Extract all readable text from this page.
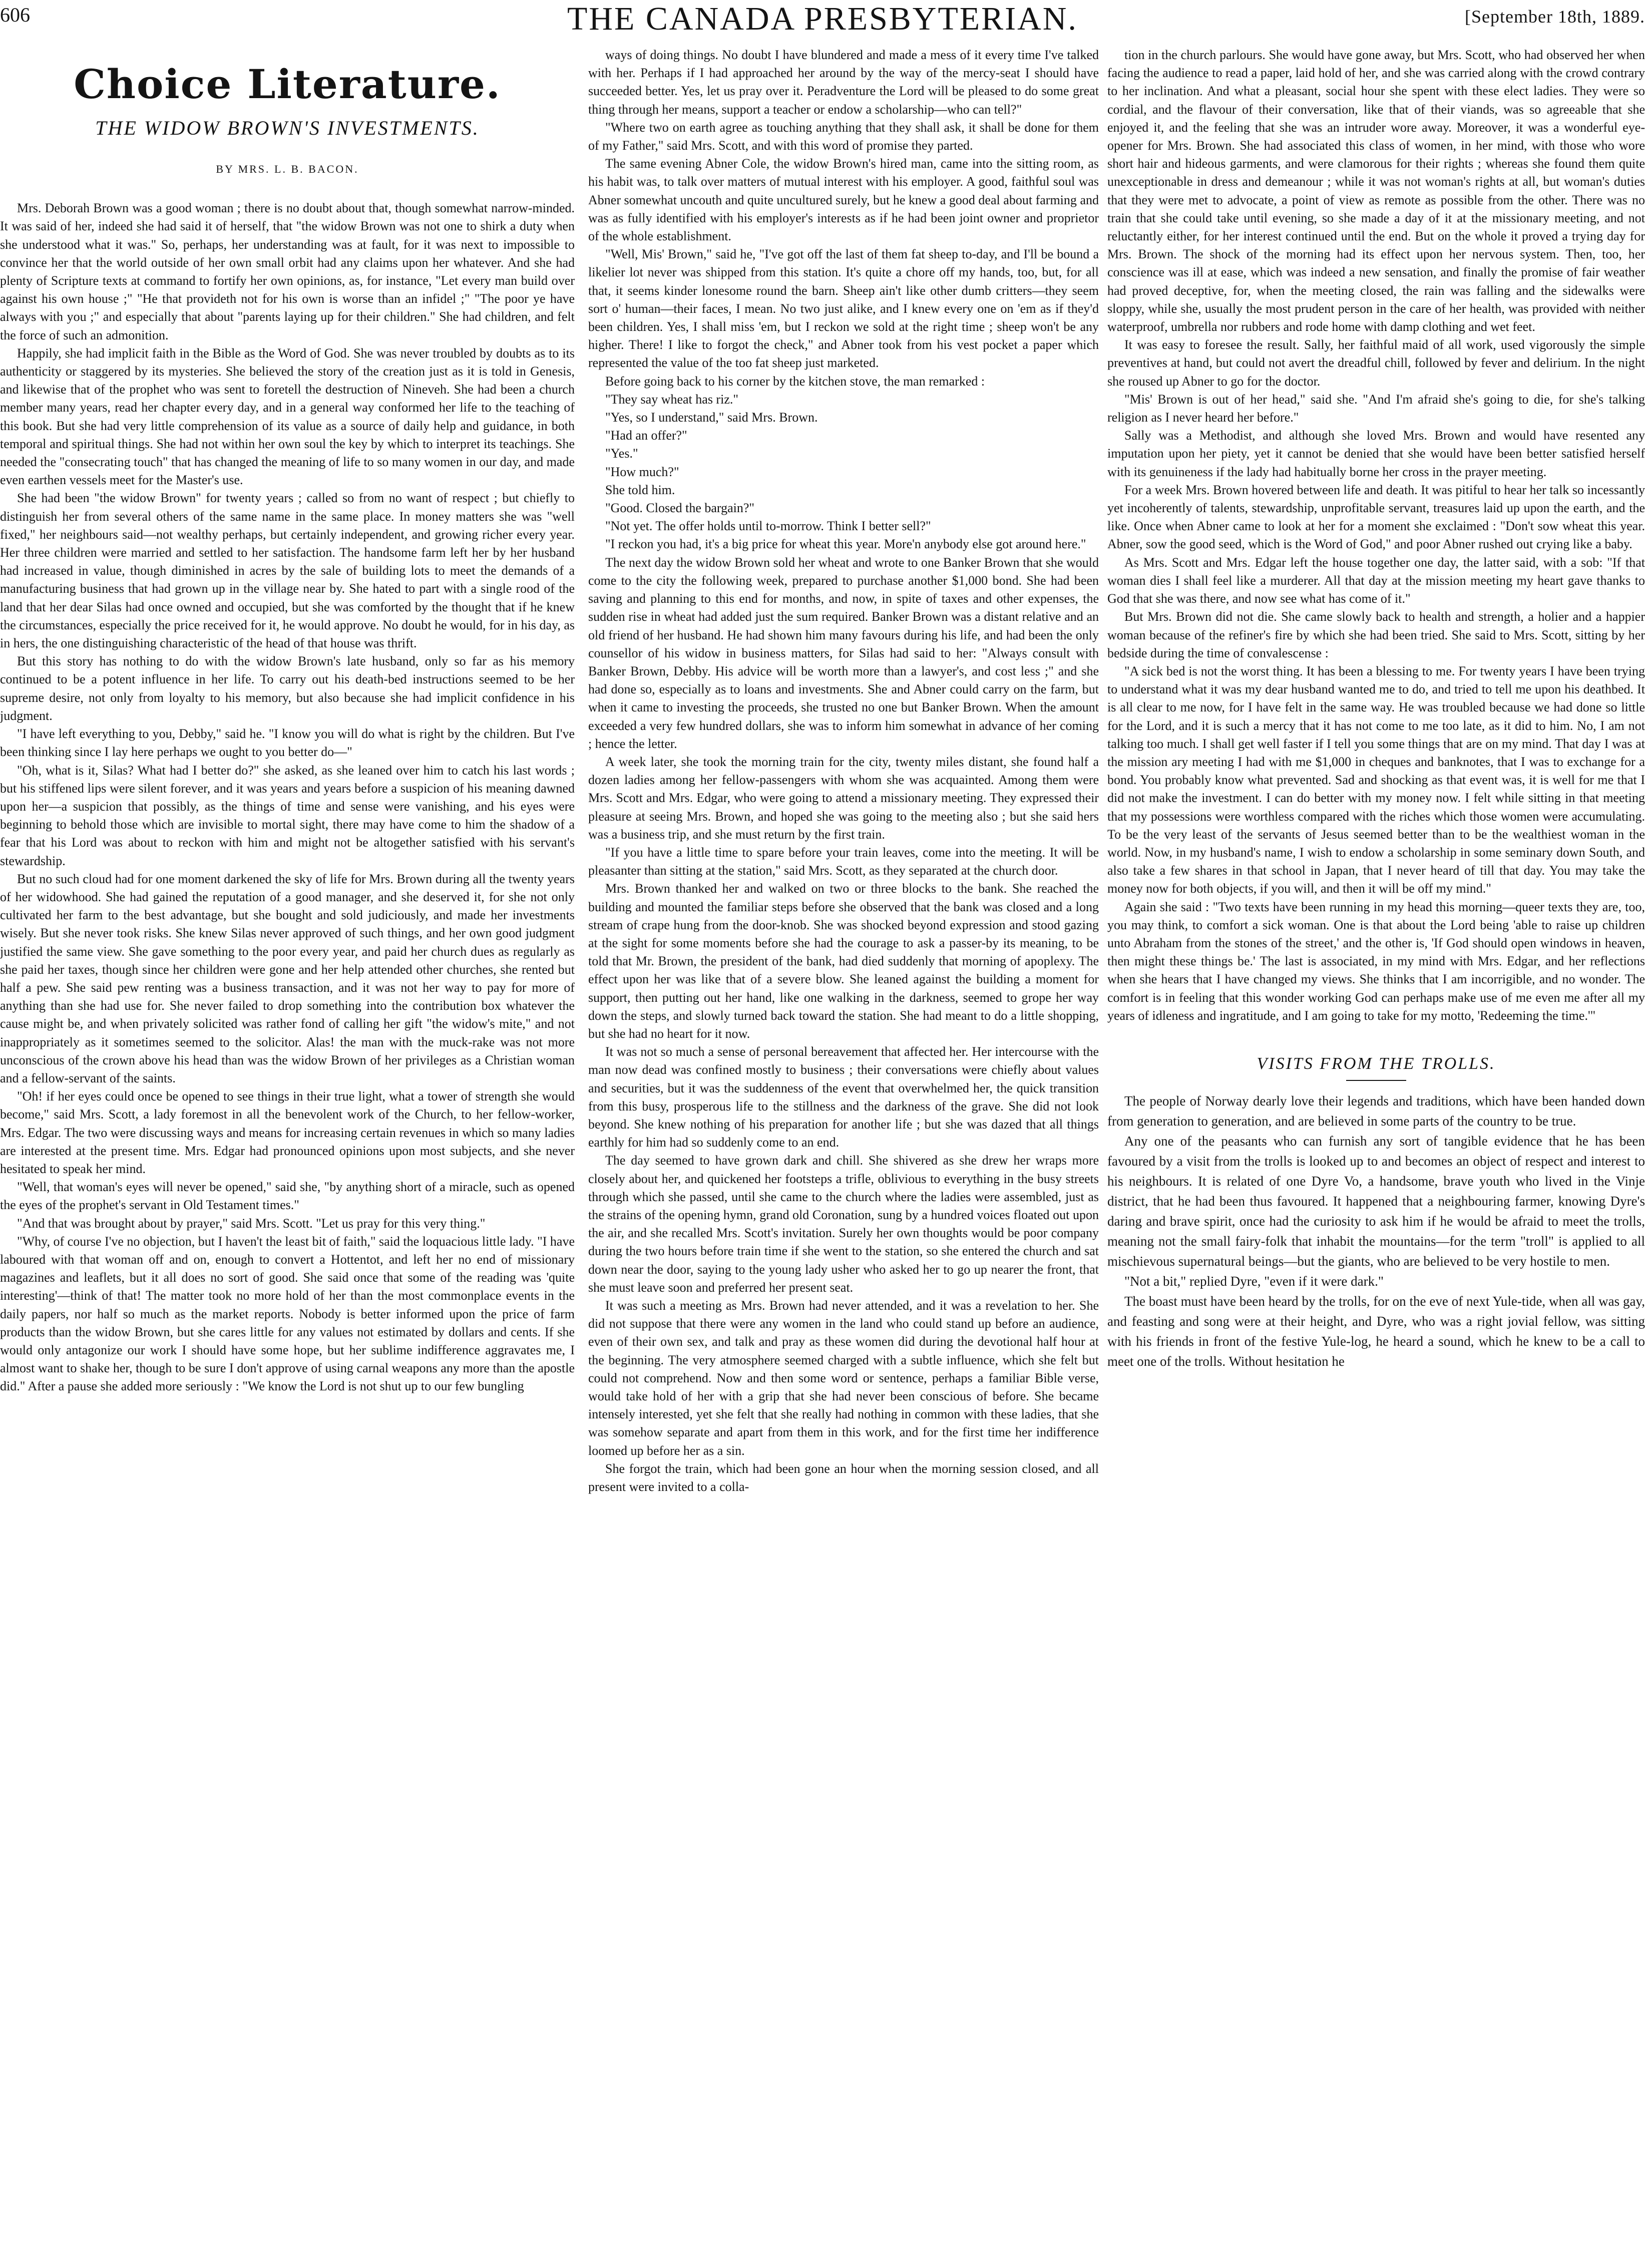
606	THE CANADA PRESBYTERIAN.	[September 18th, 1889.
Choice Literature.
THE WIDOW BROWN'S INVESTMENTS.
BY MRS. L. B. BACON.

Mrs. Deborah Brown was a good woman ; there is no doubt about that, though somewhat narrow-minded. It was said of her, indeed she had said it of herself, that "the widow Brown was not one to shirk a duty when she understood what it was." So, perhaps, her understanding was at fault, for it was next to impossible to convince her that the world outside of her own small orbit had any claims upon her whatever. And she had plenty of Scripture texts at command to fortify her own opinions, as, for instance, "Let every man build over against his own house ;" "He that provideth not for his own is worse than an infidel ;" "The poor ye have always with you ;" and especially that about "parents laying up for their children." She had children, and felt the force of such an admonition.

Happily, she had implicit faith in the Bible as the Word of God. She was never troubled by doubts as to its authenticity or staggered by its mysteries. She believed the story of the creation just as it is told in Genesis, and likewise that of the prophet who was sent to foretell the destruction of Nineveh. She had been a church member many years, read her chapter every day, and in a general way conformed her life to the teaching of this book. But she had very little comprehension of its value as a source of daily help and guidance, in both temporal and spiritual things. She had not within her own soul the key by which to interpret its teachings. She needed the "consecrating touch" that has changed the meaning of life to so many women in our day, and made even earthen vessels meet for the Master's use.

She had been "the widow Brown" for twenty years ; called so from no want of respect ; but chiefly to distinguish her from several others of the same name in the same place. In money matters she was "well fixed," her neighbours said—not wealthy perhaps, but certainly independent, and growing richer every year. Her three children were married and settled to her satisfaction. The handsome farm left her by her husband had increased in value, though diminished in acres by the sale of building lots to meet the demands of a manufacturing business that had grown up in the village near by. She hated to part with a single rood of the land that her dear Silas had once owned and occupied, but she was comforted by the thought that if he knew the circumstances, especially the price received for it, he would approve. No doubt he would, for in his day, as in hers, the one distinguishing characteristic of the head of that house was thrift.

But this story has nothing to do with the widow Brown's late husband, only so far as his memory continued to be a potent influence in her life. To carry out his death-bed instructions seemed to be her supreme desire, not only from loyalty to his memory, but also because she had implicit confidence in his judgment.

"I have left everything to you, Debby," said he. "I know you will do what is right by the children. But I've been thinking since I lay here perhaps we ought to you better do—"

"Oh, what is it, Silas? What had I better do?" she asked, as she leaned over him to catch his last words ; but his stiffened lips were silent forever, and it was years and years before a suspicion of his meaning dawned upon her—a suspicion that possibly, as the things of time and sense were vanishing, and his eyes were beginning to behold those which are invisible to mortal sight, there may have come to him the shadow of a fear that his Lord was about to reckon with him and might not be altogether satisfied with his servant's stewardship.

But no such cloud had for one moment darkened the sky of life for Mrs. Brown during all the twenty years of her widowhood. She had gained the reputation of a good manager, and she deserved it, for she not only cultivated her farm to the best advantage, but she bought and sold judiciously, and made her investments wisely. But she never took risks. She knew Silas never approved of such things, and her own good judgment justified the same view. She gave something to the poor every year, and paid her church dues as regularly as she paid her taxes, though since her children were gone and her help attended other churches, she rented but half a pew. She said pew renting was a business transaction, and it was not her way to pay for more of anything than she had use for. She never failed to drop something into the contribution box whatever the cause might be, and when privately solicited was rather fond of calling her gift "the widow's mite," and not inappropriately as it sometimes seemed to the solicitor. Alas! the man with the muck-rake was not more unconscious of the crown above his head than was the widow Brown of her privileges as a Christian woman and a fellow-servant of the saints.

"Oh! if her eyes could once be opened to see things in their true light, what a tower of strength she would become," said Mrs. Scott, a lady foremost in all the benevolent work of the Church, to her fellow-worker, Mrs. Edgar. The two were discussing ways and means for increasing certain revenues in which so many ladies are interested at the present time. Mrs. Edgar had pronounced opinions upon most subjects, and she never hesitated to speak her mind.

"Well, that woman's eyes will never be opened," said she, "by anything short of a miracle, such as opened the eyes of the prophet's servant in Old Testament times."

"And that was brought about by prayer," said Mrs. Scott. "Let us pray for this very thing."

"Why, of course I've no objection, but I haven't the least bit of faith," said the loquacious little lady. "I have laboured with that woman off and on, enough to convert a Hottentot, and left her no end of missionary magazines and leaflets, but it all does no sort of good. She said once that some of the reading was 'quite interesting'—think of that! The matter took no more hold of her than the most commonplace events in the daily papers, nor half so much as the market reports. Nobody is better informed upon the price of farm products than the widow Brown, but she cares little for any values not estimated by dollars and cents. If she would only antagonize our work I should have some hope, but her sublime indifference aggravates me, I almost want to shake her, though to be sure I don't approve of using carnal weapons any more than the apostle did." After a pause she added more seriously : "We know the Lord is not shut up to our few bungling

ways of doing things. No doubt I have blundered and made a mess of it every time I've talked with her. Perhaps if I had approached her around by the way of the mercy-seat I should have succeeded better. Yes, let us pray over it. Peradventure the Lord will be pleased to do some great thing through her means, support a teacher or endow a scholarship—who can tell?"

"Where two on earth agree as touching anything that they shall ask, it shall be done for them of my Father," said Mrs. Scott, and with this word of promise they parted.

The same evening Abner Cole, the widow Brown's hired man, came into the sitting room, as his habit was, to talk over matters of mutual interest with his employer. A good, faithful soul was Abner somewhat uncouth and quite uncultured surely, but he knew a good deal about farming and was as fully identified with his employer's interests as if he had been joint owner and proprietor of the whole establishment.

"Well, Mis' Brown," said he, "I've got off the last of them fat sheep to-day, and I'll be bound a likelier lot never was shipped from this station. It's quite a chore off my hands, too, but, for all that, it seems kinder lonesome round the barn. Sheep ain't like other dumb critters—they seem sort o' human—their faces, I mean. No two just alike, and I knew every one on 'em as if they'd been children. Yes, I shall miss 'em, but I reckon we sold at the right time ; sheep won't be any higher. There! I like to forgot the check," and Abner took from his vest pocket a paper which represented the value of the too fat sheep just marketed.

Before going back to his corner by the kitchen stove, the man remarked :

"They say wheat has riz."

"Yes, so I understand," said Mrs. Brown.

"Had an offer?"

"Yes."

"How much?"

She told him.

"Good. Closed the bargain?"

"Not yet. The offer holds until to-morrow. Think I better sell?"

"I reckon you had, it's a big price for wheat this year. More'n anybody else got around here."

The next day the widow Brown sold her wheat and wrote to one Banker Brown that she would come to the city the following week, prepared to purchase another $1,000 bond. She had been saving and planning to this end for months, and now, in spite of taxes and other expenses, the sudden rise in wheat had added just the sum required. Banker Brown was a distant relative and an old friend of her husband. He had shown him many favours during his life, and had been the only counsellor of his widow in business matters, for Silas had said to her: "Always consult with Banker Brown, Debby. His advice will be worth more than a lawyer's, and cost less ;" and she had done so, especially as to loans and investments. She and Abner could carry on the farm, but when it came to investing the proceeds, she trusted no one but Banker Brown. When the amount exceeded a very few hundred dollars, she was to inform him somewhat in advance of her coming ; hence the letter.

A week later, she took the morning train for the city, twenty miles distant, she found half a dozen ladies among her fellow-passengers with whom she was acquainted. Among them were Mrs. Scott and Mrs. Edgar, who were going to attend a missionary meeting. They expressed their pleasure at seeing Mrs. Brown, and hoped she was going to the meeting also ; but she said hers was a business trip, and she must return by the first train.

"If you have a little time to spare before your train leaves, come into the meeting. It will be pleasanter than sitting at the station," said Mrs. Scott, as they separated at the church door.

Mrs. Brown thanked her and walked on two or three blocks to the bank. She reached the building and mounted the familiar steps before she observed that the bank was closed and a long stream of crape hung from the door-knob. She was shocked beyond expression and stood gazing at the sight for some moments before she had the courage to ask a passer-by its meaning, to be told that Mr. Brown, the president of the bank, had died suddenly that morning of apoplexy. The effect upon her was like that of a severe blow. She leaned against the building a moment for support, then putting out her hand, like one walking in the darkness, seemed to grope her way down the steps, and slowly turned back toward the station. She had meant to do a little shopping, but she had no heart for it now.

It was not so much a sense of personal bereavement that affected her. Her intercourse with the man now dead was confined mostly to business ; their conversations were chiefly about values and securities, but it was the suddenness of the event that overwhelmed her, the quick transition from this busy, prosperous life to the stillness and the darkness of the grave. She did not look beyond. She knew nothing of his preparation for another life ; but she was dazed that all things earthly for him had so suddenly come to an end.

The day seemed to have grown dark and chill. She shivered as she drew her wraps more closely about her, and quickened her footsteps a trifle, oblivious to everything in the busy streets through which she passed, until she came to the church where the ladies were assembled, just as the strains of the opening hymn, grand old Coronation, sung by a hundred voices floated out upon the air, and she recalled Mrs. Scott's invitation. Surely her own thoughts would be poor company during the two hours before train time if she went to the station, so she entered the church and sat down near the door, saying to the young lady usher who asked her to go up nearer the front, that she must leave soon and preferred her present seat.

It was such a meeting as Mrs. Brown had never attended, and it was a revelation to her. She did not suppose that there were any women in the land who could stand up before an audience, even of their own sex, and talk and pray as these women did during the devotional half hour at the beginning. The very atmosphere seemed charged with a subtle influence, which she felt but could not comprehend. Now and then some word or sentence, perhaps a familiar Bible verse, would take hold of her with a grip that she had never been conscious of before. She became intensely interested, yet she felt that she really had nothing in common with these ladies, that she was somehow separate and apart from them in this work, and for the first time her indifference loomed up before her as a sin.

She forgot the train, which had been gone an hour when the morning session closed, and all present were invited to a colla-

tion in the church parlours. She would have gone away, but Mrs. Scott, who had observed her when facing the audience to read a paper, laid hold of her, and she was carried along with the crowd contrary to her inclination. And what a pleasant, social hour she spent with these elect ladies. They were so cordial, and the flavour of their conversation, like that of their viands, was so agreeable that she enjoyed it, and the feeling that she was an intruder wore away. Moreover, it was a wonderful eye-opener for Mrs. Brown. She had associated this class of women, in her mind, with those who wore short hair and hideous garments, and were clamorous for their rights ; whereas she found them quite unexceptionable in dress and demeanour ; while it was not woman's rights at all, but woman's duties that they were met to advocate, a point of view as remote as possible from the other. There was no train that she could take until evening, so she made a day of it at the missionary meeting, and not reluctantly either, for her interest continued until the end. But on the whole it proved a trying day for Mrs. Brown. The shock of the morning had its effect upon her nervous system. Then, too, her conscience was ill at ease, which was indeed a new sensation, and finally the promise of fair weather had proved deceptive, for, when the meeting closed, the rain was falling and the sidewalks were sloppy, while she, usually the most prudent person in the care of her health, was provided with neither waterproof, umbrella nor rubbers and rode home with damp clothing and wet feet.

It was easy to foresee the result. Sally, her faithful maid of all work, used vigorously the simple preventives at hand, but could not avert the dreadful chill, followed by fever and delirium. In the night she roused up Abner to go for the doctor.

"Mis' Brown is out of her head," said she. "And I'm afraid she's going to die, for she's talking religion as I never heard her before."

Sally was a Methodist, and although she loved Mrs. Brown and would have resented any imputation upon her piety, yet it cannot be denied that she would have been better satisfied herself with its genuineness if the lady had habitually borne her cross in the prayer meeting.

For a week Mrs. Brown hovered between life and death. It was pitiful to hear her talk so incessantly yet incoherently of talents, stewardship, unprofitable servant, treasures laid up upon the earth, and the like. Once when Abner came to look at her for a moment she exclaimed : "Don't sow wheat this year. Abner, sow the good seed, which is the Word of God," and poor Abner rushed out crying like a baby.

As Mrs. Scott and Mrs. Edgar left the house together one day, the latter said, with a sob: "If that woman dies I shall feel like a murderer. All that day at the mission meeting my heart gave thanks to God that she was there, and now see what has come of it."

But Mrs. Brown did not die. She came slowly back to health and strength, a holier and a happier woman because of the refiner's fire by which she had been tried. She said to Mrs. Scott, sitting by her bedside during the time of convalescense :

"A sick bed is not the worst thing. It has been a blessing to me. For twenty years I have been trying to understand what it was my dear husband wanted me to do, and tried to tell me upon his deathbed. It is all clear to me now, for I have felt in the same way. He was troubled because we had done so little for the Lord, and it is such a mercy that it has not come to me too late, as it did to him. No, I am not talking too much. I shall get well faster if I tell you some things that are on my mind. That day I was at the mission ary meeting I had with me $1,000 in cheques and banknotes, that I was to exchange for a bond. You probably know what prevented. Sad and shocking as that event was, it is well for me that I did not make the investment. I can do better with my money now. I felt while sitting in that meeting that my possessions were worthless compared with the riches which those women were accumulating. To be the very least of the servants of Jesus seemed better than to be the wealthiest woman in the world. Now, in my husband's name, I wish to endow a scholarship in some seminary down South, and also take a few shares in that school in Japan, that I never heard of till that day. You may take the money now for both objects, if you will, and then it will be off my mind."

Again she said : "Two texts have been running in my head this morning—queer texts they are, too, you may think, to comfort a sick woman. One is that about the Lord being 'able to raise up children unto Abraham from the stones of the street,' and the other is, 'If God should open windows in heaven, then might these things be.' The last is associated, in my mind with Mrs. Edgar, and her reflections when she hears that I have changed my views. She thinks that I am incorrigible, and no wonder. The comfort is in feeling that this wonder working God can perhaps make use of me even me after all my years of idleness and ingratitude, and I am going to take for my motto, 'Redeeming the time.'"

VISITS FROM THE TROLLS.

The people of Norway dearly love their legends and traditions, which have been handed down from generation to generation, and are believed in some parts of the country to be true.

Any one of the peasants who can furnish any sort of tangible evidence that he has been favoured by a visit from the trolls is looked up to and becomes an object of respect and interest to his neighbours. It is related of one Dyre Vo, a handsome, brave youth who lived in the Vinje district, that he had been thus favoured. It happened that a neighbouring farmer, knowing Dyre's daring and brave spirit, once had the curiosity to ask him if he would be afraid to meet the trolls, meaning not the small fairy-folk that inhabit the mountains—for the term "troll" is applied to all mischievous supernatural beings—but the giants, who are believed to be very hostile to men.

"Not a bit," replied Dyre, "even if it were dark."

The boast must have been heard by the trolls, for on the eve of next Yule-tide, when all was gay, and feasting and song were at their height, and Dyre, who was a right jovial fellow, was sitting with his friends in front of the festive Yule-log, he heard a sound, which he knew to be a call to meet one of the trolls. Without hesitation he
